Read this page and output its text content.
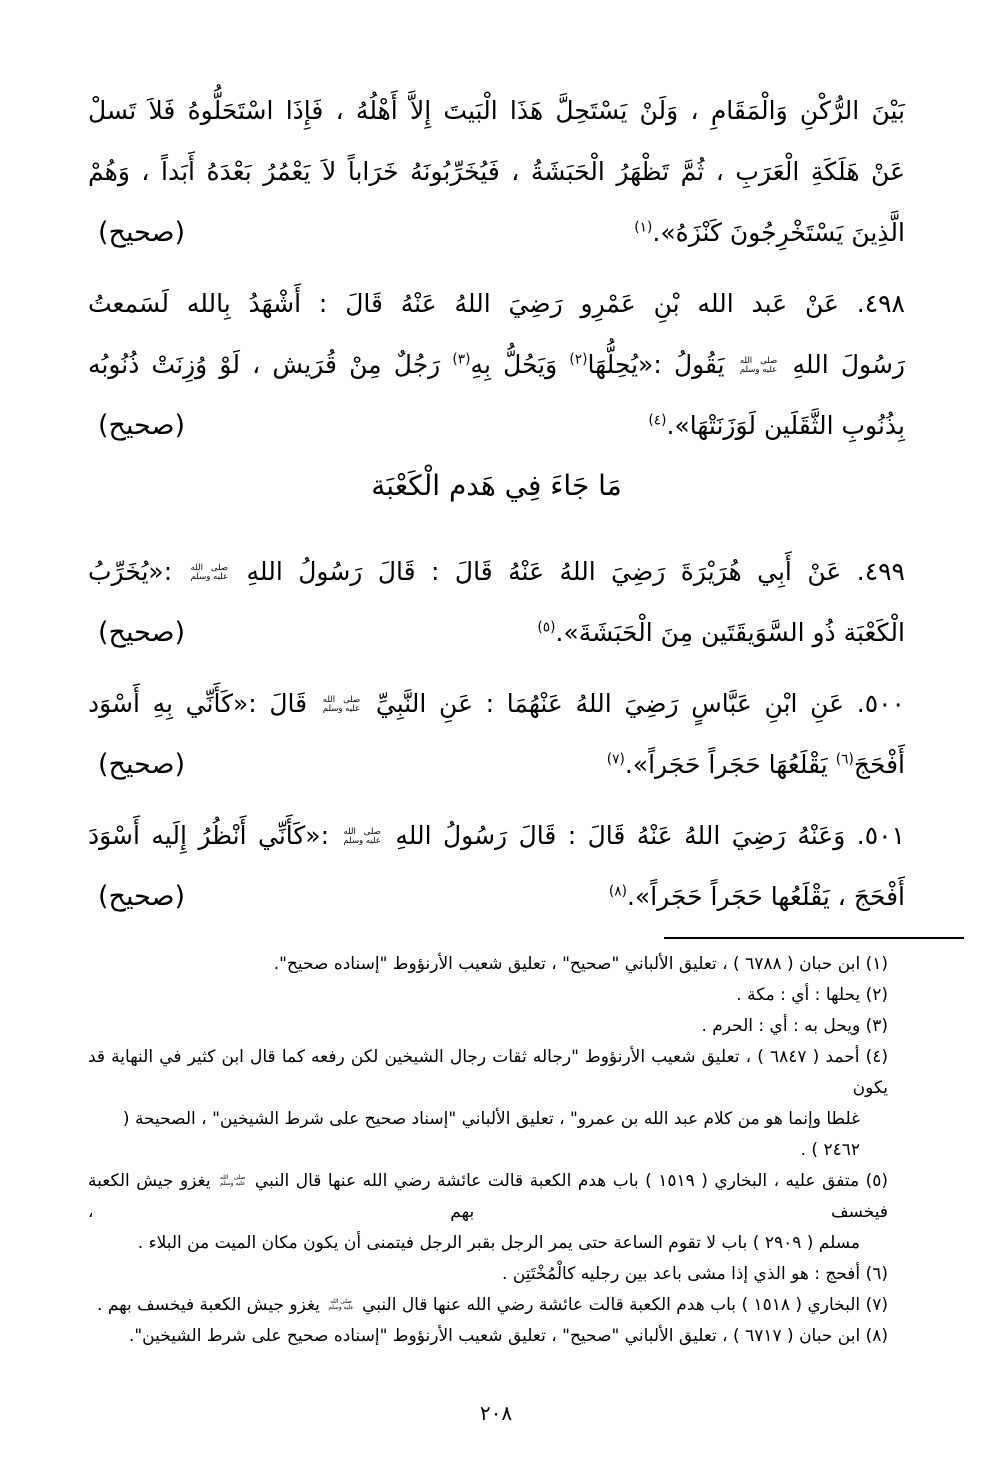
بَيْنَ الرُّكْنِ وَالْمَقَامِ ، وَلَنْ يَسْتَحِلَّ هَذَا الْبَيتَ إِلاَّ أَهْلُهُ ، فَإِذَا اسْتَحَلُّوهُ فَلاَ تَسلْ
عَنْ هَلَكَةِ الْعَرَبِ ، ثُمَّ تَظْهَرُ الْحَبَشَةُ ، فَيُخَرِّبُونَهُ خَرَاباً لاَ يَعْمُرُ بَعْدَهُ أَبَداً ، وَهُمْ
الَّذِينَ يَسْتَخْرِجُونَ كَنْزَهُ».$^{(١)}$
(صحيح)
٤٩٨. عَنْ عَبد الله بْنِ عَمْرِو رَضِيَ اللهُ عَنْهُ قَالَ : أَشْهَدُ بِالله لَسَمعتُ
رَسُولَ اللهِ
صلى الله
عليه وسلم
يَقُولُ :«يُحِلُّهَا$^{(٢)}$ وَيَحُلُّ بِهِ$^{(٣)}$ رَجُلٌ مِنْ قُرَيش ، لَوْ وُزِنَتْ ذُنُوبُه
بِذُنُوبِ الثَّقَلَين لَوَزَنَتْهَا».$^{(٤)}$
(صحيح)
مَا جَاءَ فِي هَدم الْكَعْبَة
٤٩٩. عَنْ أَبِي هُرَيْرَةَ رَضِيَ اللهُ عَنْهُ قَالَ : قَالَ رَسُولُ اللهِ
صلى الله
عليه وسلم
:«يُخَرِّبُ
الْكَعْبَة ذُو السَّوَيقَتَين مِنَ الْحَبَشَةَ».$^{(٥)}$
(صحيح)
٥٠٠. عَنِ ابْنِ عَبَّاسٍ رَضِيَ اللهُ عَنْهُمَا : عَنِ النَّبِيِّ
صلى الله
عليه وسلم
قَالَ :«كَأَنِّي بِهِ أَسْوَد
أَفْحَجَ$^{(٦)}$ يَقْلَعُهَا حَجَراً حَجَراً».$^{(٧)}$
(صحيح)
٥٠١. وَعَنْهُ رَضِيَ اللهُ عَنْهُ قَالَ : قَالَ رَسُولُ اللهِ
صلى الله
عليه وسلم
:«كَأَنِّي أَنْظُرُ إِلَيه أَسْوَدَ
أَفْحَجَ ، يَقْلَعُها حَجَراً حَجَراً».$^{(٨)}$
(صحيح)
(١) ابن حبان ( ٦٧٨٨ ) ، تعليق الألباني "صحيح" ، تعليق شعيب الأرنؤوط "إسناده صحيح".
(٢) يحلها : أي : مكة .
(٣) ويحل به : أي : الحرم .
(٤) أحمد ( ٦٨٤٧ ) ، تعليق شعيب الأرنؤوط "رجاله ثقات رجال الشيخين لكن رفعه كما قال ابن كثير في النهاية قد يكون
غلطا وإنما هو من كلام عبد الله بن عمرو" ، تعليق الألباني "إسناد صحيح على شرط الشيخين" ، الصحيحة ( ٢٤٦٢ ) .
(٥) متفق عليه ، البخاري ( ١٥١٩ ) باب هدم الكعبة قالت عائشة رضي الله عنها قال النبي
صلى الله
عليه وسلم
يغزو جيش الكعبة فيخسف بهم ،
مسلم ( ٢٩٠٩ ) باب لا تقوم الساعة حتى يمر الرجل بقبر الرجل فيتمنى أن يكون مكان الميت من البلاء .
(٦) أفحج : هو الذي إذا مشى باعد بين رجليه كالْمُخْتَتِن .
(٧) البخاري ( ١٥١٨ ) باب هدم الكعبة قالت عائشة رضي الله عنها قال النبي
صلى الله
عليه وسلم
يغزو جيش الكعبة فيخسف بهم .
(٨) ابن حبان ( ٦٧١٧ ) ، تعليق الألباني "صحيح" ، تعليق شعيب الأرنؤوط "إسناده صحيح على شرط الشيخين".
٢٠٨
